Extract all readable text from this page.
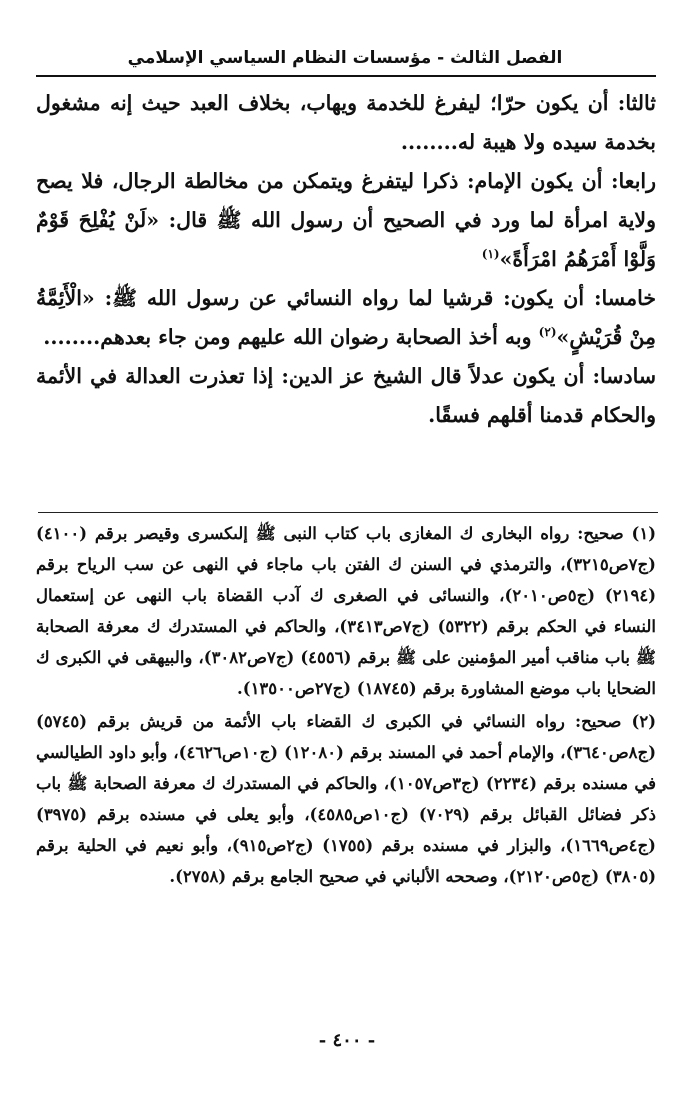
الفصل الثالث - مؤسسات النظام السياسي الإسلامي

ثالثا: أن يكون حرّا؛ ليفرغ للخدمة ويهاب، بخلاف العبد حيث إنه مشغول بخدمة سيده ولا هيبة له........

رابعا: أن يكون الإمام: ذكرا ليتفرغ ويتمكن من مخالطة الرجال، فلا يصح ولاية امرأة لما ورد في الصحيح أن رسول الله ﷺ قال: «لَنْ يُفْلِحَ قَوْمٌ وَلَّوْا أَمْرَهُمُ امْرَأَةً»$^{(١)}$

خامسا: أن يكون: قرشيا لما رواه النسائي عن رسول الله ﷺ: «الْأَئِمَّةُ مِنْ قُرَيْشٍ»$^{(٢)}$ وبه أخذ الصحابة رضوان الله عليهم ومن جاء بعدهم........

سادسا: أن يكون عدلاً قال الشيخ عز الدين: إذا تعذرت العدالة في الأئمة والحكام قدمنا أقلهم فسقًا.

(١) صحيح: رواه البخارى ك المغازى باب كتاب النبى ﷺ إلىكسرى وقيصر برقم (٤١٠٠) (ج٧ص٣٢١٥)، والترمذي في السنن ك الفتن باب ماجاء في النهى عن سب الرياح برقم (٢١٩٤) (ج٥ص٢٠١٠)، والنسائى في الصغرى ك آدب القضاة باب النهى عن إستعمال النساء في الحكم برقم (٥٣٢٢) (ج٧ص٣٤١٣)، والحاكم في المستدرك ك معرفة الصحابة ﷺ باب مناقب أمير المؤمنين على ﷺ برقم (٤٥٥٦) (ج٧ص٣٠٨٢)، والبيهقى في الكبرى ك الضحايا باب موضع المشاورة برقم (١٨٧٤٥) (ج٢٧ص١٣٥٠٠).

(٢) صحيح: رواه النسائي في الكبرى ك القضاء باب الأئمة من قريش برقم (٥٧٤٥) (ج٨ص٣٦٤٠)، والإمام أحمد في المسند برقم (١٢٠٨٠) (ج١٠ص٤٦٢٦)، وأبو داود الطيالسي في مسنده برقم (٢٢٣٤) (ج٣ص١٠٥٧)، والحاكم في المستدرك ك معرفة الصحابة ﷺ باب ذكر فضائل القبائل برقم (٧٠٢٩) (ج١٠ص٤٥٨٥)، وأبو يعلى في مسنده برقم (٣٩٧٥) (ج٤ص١٦٦٩)، والبزار في مسنده برقم (١٧٥٥) (ج٢ص٩١٥)، وأبو نعيم في الحلية برقم (٣٨٠٥) (ج٥ص٢١٢٠)، وصححه الألباني في صحيح الجامع برقم (٢٧٥٨).

- ٤٠٠ -
